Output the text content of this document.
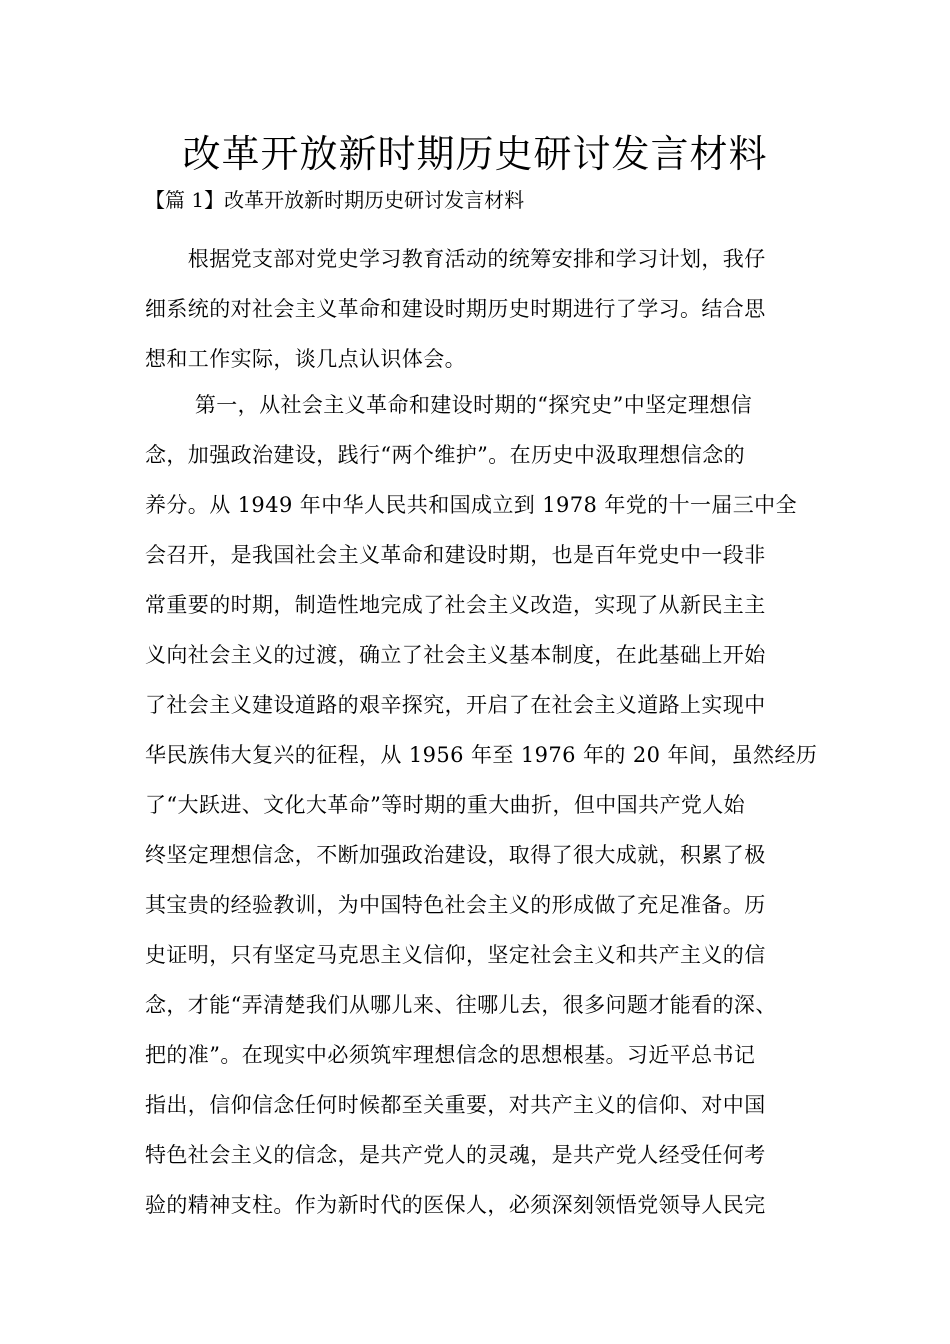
改革开放新时期历史研讨发言材料
【篇 1】改革开放新时期历史研讨发言材料
　　根据党支部对党史学习教育活动的统筹安排和学习计划，我仔
细系统的对社会主义革命和建设时期历史时期进行了学习。结合思
想和工作实际，谈几点认识体会。
　　 第一，从社会主义革命和建设时期的“探究史”中坚定理想信
念，加强政治建设，践行“两个维护”。在历史中汲取理想信念的
养分。从 1949 年中华人民共和国成立到 1978 年党的十一届三中全
会召开，是我国社会主义革命和建设时期，也是百年党史中一段非
常重要的时期，制造性地完成了社会主义改造，实现了从新民主主
义向社会主义的过渡，确立了社会主义基本制度，在此基础上开始
了社会主义建设道路的艰辛探究，开启了在社会主义道路上实现中
华民族伟大复兴的征程，从 1956 年至 1976 年的 20 年间，虽然经历
了“大跃进、文化大革命”等时期的重大曲折，但中国共产党人始
终坚定理想信念，不断加强政治建设，取得了很大成就，积累了极
其宝贵的经验教训，为中国特色社会主义的形成做了充足准备。历
史证明，只有坚定马克思主义信仰，坚定社会主义和共产主义的信
念，才能“弄清楚我们从哪儿来、往哪儿去，很多问题才能看的深、
把的准”。在现实中必须筑牢理想信念的思想根基。习近平总书记
指出，信仰信念任何时候都至关重要，对共产主义的信仰、对中国
特色社会主义的信念，是共产党人的灵魂，是共产党人经受任何考
验的精神支柱。作为新时代的医保人，必须深刻领悟党领导人民完
